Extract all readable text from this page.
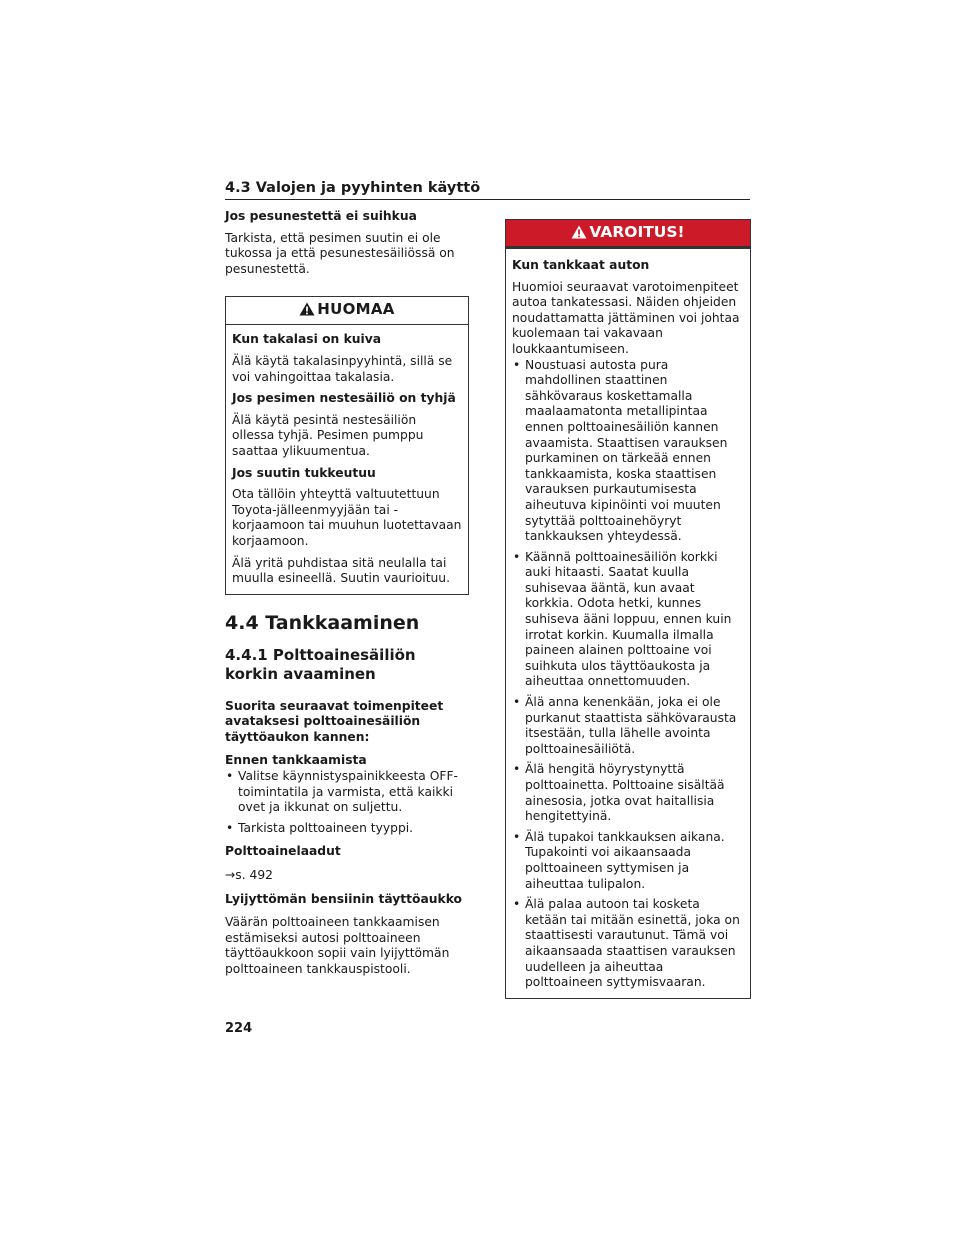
4.3 Valojen ja pyyhinten käyttö

Jos pesunestettä ei suihkua

Tarkista, että pesimen suutin ei ole tukossa ja että pesunestesäiliössä on pesunestettä.

HUOMAA

Kun takalasi on kuiva

Älä käytä takalasinpyyhintä, sillä se voi vahingoittaa takalasia.

Jos pesimen nestesäiliö on tyhjä

Älä käytä pesintä nestesäiliön ollessa tyhjä. Pesimen pumppu saattaa ylikuumentua.

Jos suutin tukkeutuu

Ota tällöin yhteyttä valtuutettuun Toyota-jälleenmyyjään tai -korjaamoon tai muuhun luotettavaan korjaamoon.

Älä yritä puhdistaa sitä neulalla tai muulla esineellä. Suutin vaurioituu.

4.4 Tankkaaminen
4.4.1 Polttoainesäiliön korkin avaaminen

Suorita seuraavat toimenpiteet avataksesi polttoainesäiliön täyttöaukon kannen:

Ennen tankkaamista

• Valitse käynnistyspainikkeesta OFF-toimintatila ja varmista, että kaikki ovet ja ikkunat on suljettu.
• Tarkista polttoaineen tyyppi.

Polttoainelaadut

→s. 492

Lyijyttömän bensiinin täyttöaukko

Väärän polttoaineen tankkaamisen estämiseksi autosi polttoaineen täyttöaukkoon sopii vain lyijyttömän polttoaineen tankkauspistooli.

VAROITUS!

Kun tankkaat auton

Huomioi seuraavat varotoimenpiteet autoa tankatessasi. Näiden ohjeiden noudattamatta jättäminen voi johtaa kuolemaan tai vakavaan loukkaantumiseen.

• Noustuasi autosta pura mahdollinen staattinen sähkövaraus koskettamalla maalaamatonta metallipintaa ennen polttoainesäiliön kannen avaamista. Staattisen varauksen purkaminen on tärkeää ennen tankkaamista, koska staattisen varauksen purkautumisesta aiheutuva kipinöinti voi muuten sytyttää polttoainehöyryt tankkauksen yhteydessä.
• Käännä polttoainesäiliön korkki auki hitaasti. Saatat kuulla suhisevaa ääntä, kun avaat korkkia. Odota hetki, kunnes suhiseva ääni loppuu, ennen kuin irrotat korkin. Kuumalla ilmalla paineen alainen polttoaine voi suihkuta ulos täyttöaukosta ja aiheuttaa onnettomuuden.
• Älä anna kenenkään, joka ei ole purkanut staattista sähkövarausta itsestään, tulla lähelle avointa polttoainesäiliötä.
• Älä hengitä höyrystynyttä polttoainetta. Polttoaine sisältää ainesosia, jotka ovat haitallisia hengitettyinä.
• Älä tupakoi tankkauksen aikana. Tupakointi voi aikaansaada polttoaineen syttymisen ja aiheuttaa tulipalon.
• Älä palaa autoon tai kosketa ketään tai mitään esinettä, joka on staattisesti varautunut. Tämä voi aikaansaada staattisen varauksen uudelleen ja aiheuttaa polttoaineen syttymisvaaran.
224
